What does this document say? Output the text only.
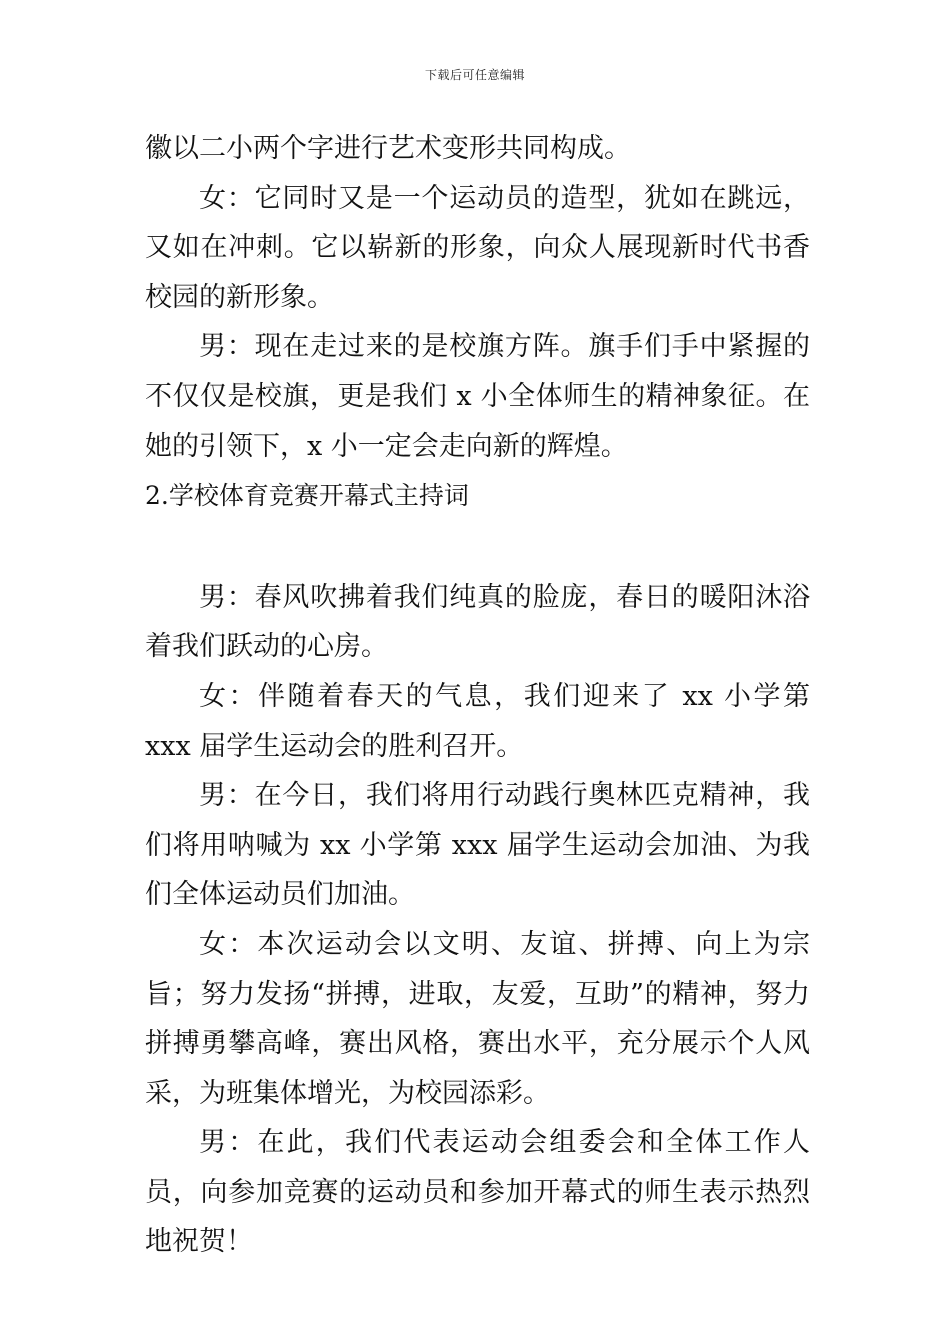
下载后可任意编辑

徽以二小两个字进行艺术变形共同构成。

女：它同时又是一个运动员的造型，犹如在跳远，又如在冲刺。它以崭新的形象，向众人展现新时代书香校园的新形象。

男：现在走过来的是校旗方阵。旗手们手中紧握的不仅仅是校旗，更是我们 x 小全体师生的精神象征。在她的引领下，x 小一定会走向新的辉煌。

2.学校体育竞赛开幕式主持词

男：春风吹拂着我们纯真的脸庞，春日的暖阳沐浴着我们跃动的心房。

女：伴随着春天的气息，我们迎来了 xx 小学第 xxx 届学生运动会的胜利召开。

男：在今日，我们将用行动践行奥林匹克精神，我们将用呐喊为 xx 小学第 xxx 届学生运动会加油、为我们全体运动员们加油。

女：本次运动会以文明、友谊、拼搏、向上为宗旨；努力发扬“拼搏，进取，友爱，互助”的精神，努力拼搏勇攀高峰，赛出风格，赛出水平，充分展示个人风采，为班集体增光，为校园添彩。

男：在此，我们代表运动会组委会和全体工作人员，向参加竞赛的运动员和参加开幕式的师生表示热烈地祝贺！
